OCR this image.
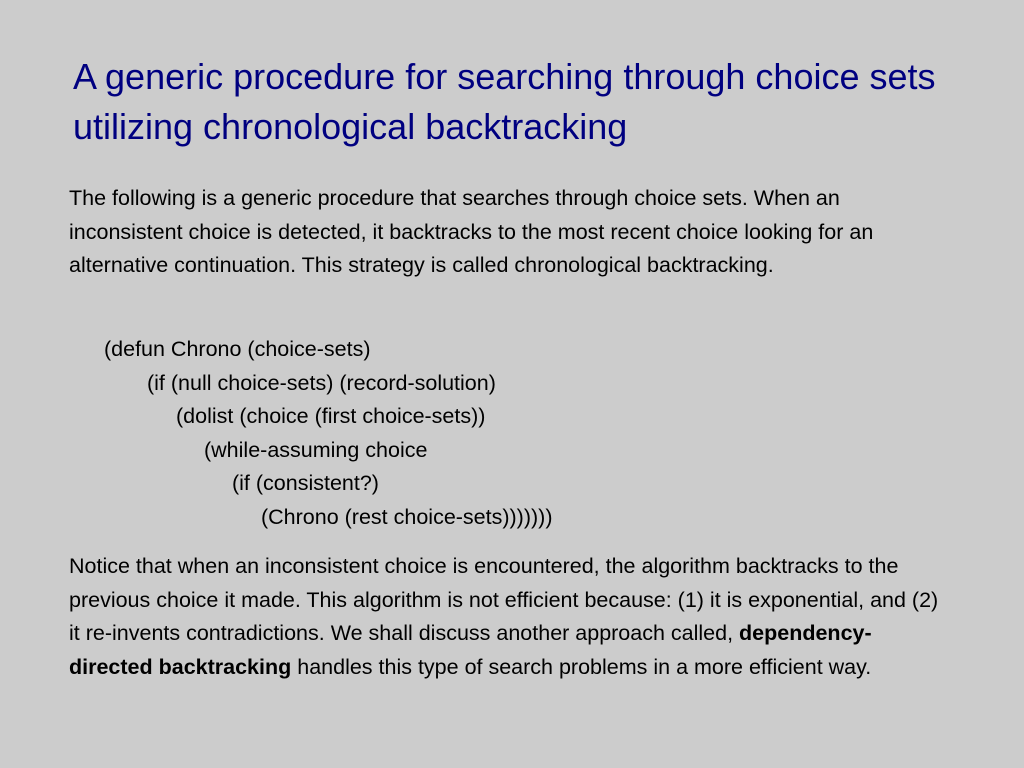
A generic procedure for searching through choice sets utilizing chronological backtracking

The following is a generic procedure that searches through choice sets. When an inconsistent choice is detected, it backtracks to the most recent choice looking for an alternative continuation. This strategy is called chronological backtracking.

(defun Chrono (choice-sets)
(if (null choice-sets) (record-solution)
(dolist (choice (first choice-sets))
(while-assuming choice
(if (consistent?)
(Chrono (rest choice-sets)))))))

Notice that when an inconsistent choice is encountered, the algorithm backtracks to the previous choice it made. This algorithm is not efficient because: (1) it is exponential, and (2) it re-invents contradictions. We shall discuss another approach called, dependency-directed backtracking handles this type of search problems in a more efficient way.
